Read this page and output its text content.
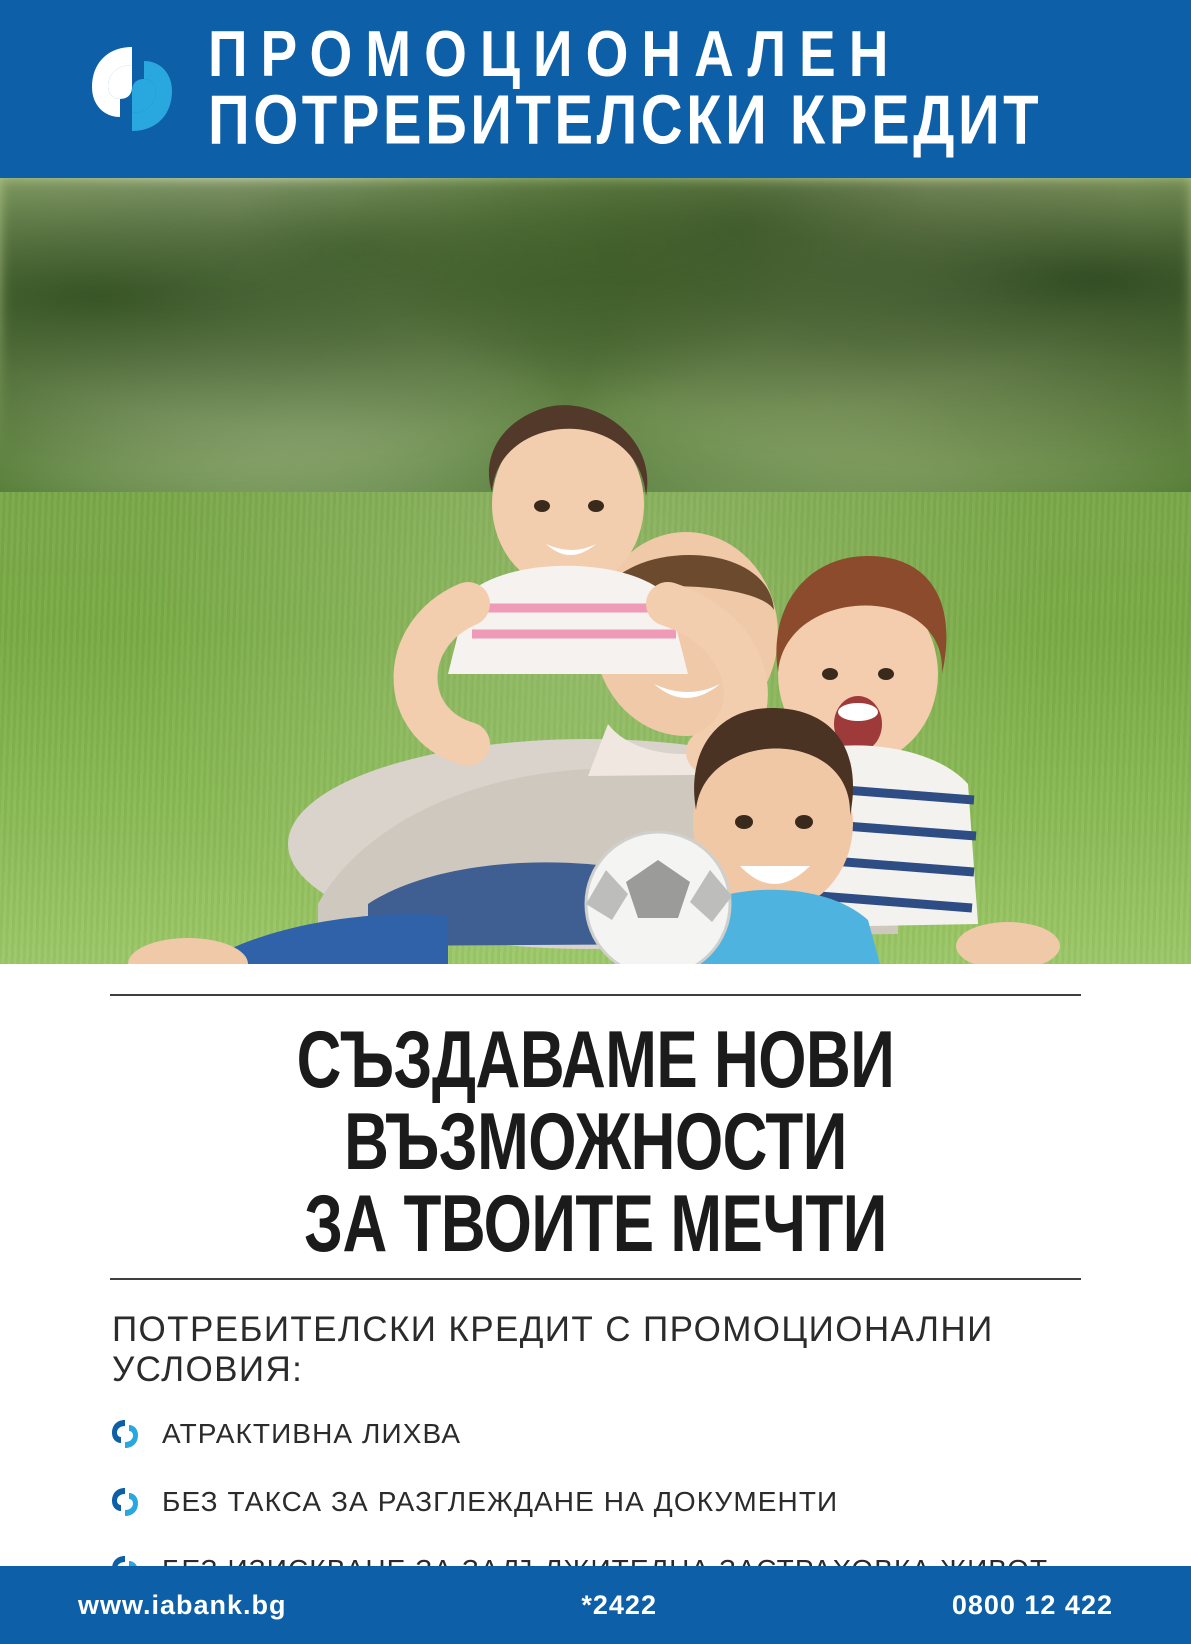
ПРОМОЦИОНАЛЕН
ПОТРЕБИТЕЛСКИ КРЕДИТ
СЪЗДАВАМЕ НОВИ ВЪЗМОЖНОСТИ
ЗА ТВОИТЕ МЕЧТИ
ПОТРЕБИТЕЛСКИ КРЕДИТ С ПРОМОЦИОНАЛНИ УСЛОВИЯ:
АТРАКТИВНА ЛИХВА
БЕЗ ТАКСА ЗА РАЗГЛЕЖДАНЕ НА ДОКУМЕНТИ
www.iabank.bg	*2422	0800 12 422
